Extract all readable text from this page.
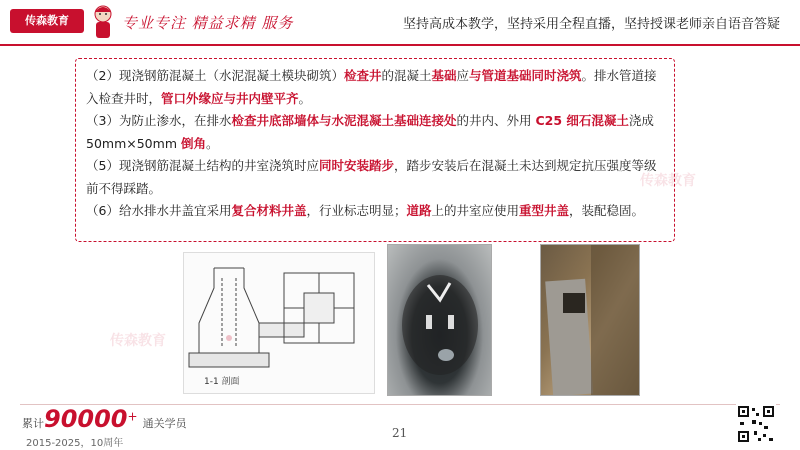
传森教育	专业专注 精益求精 服务	坚持高成本教学，坚持采用全程直播，坚持授课老师亲自语音答疑
传森教育
传森教育

（2）现浇钢筋混凝土（水泥混凝土模块砌筑）检查井的混凝土基础应与管道基础同时浇筑。排水管道接入检查井时，管口外缘应与井内壁平齐。

（3）为防止渗水，在排水检查井底部墙体与水泥混凝土基础连接处的井内、外用 C25 细石混凝土浇成50mm×50mm 倒角。

（5）现浇钢筋混凝土结构的井室浇筑时应同时安装踏步，踏步安装后在混凝土未达到规定抗压强度等级前不得踩踏。

（6）给水排水井盖宜采用复合材料井盖，行业标志明显；道路上的井室应使用重型井盖，装配稳固。

1-1 剖面
累计90000+ 通关学员
2015-2025，10周年
21
